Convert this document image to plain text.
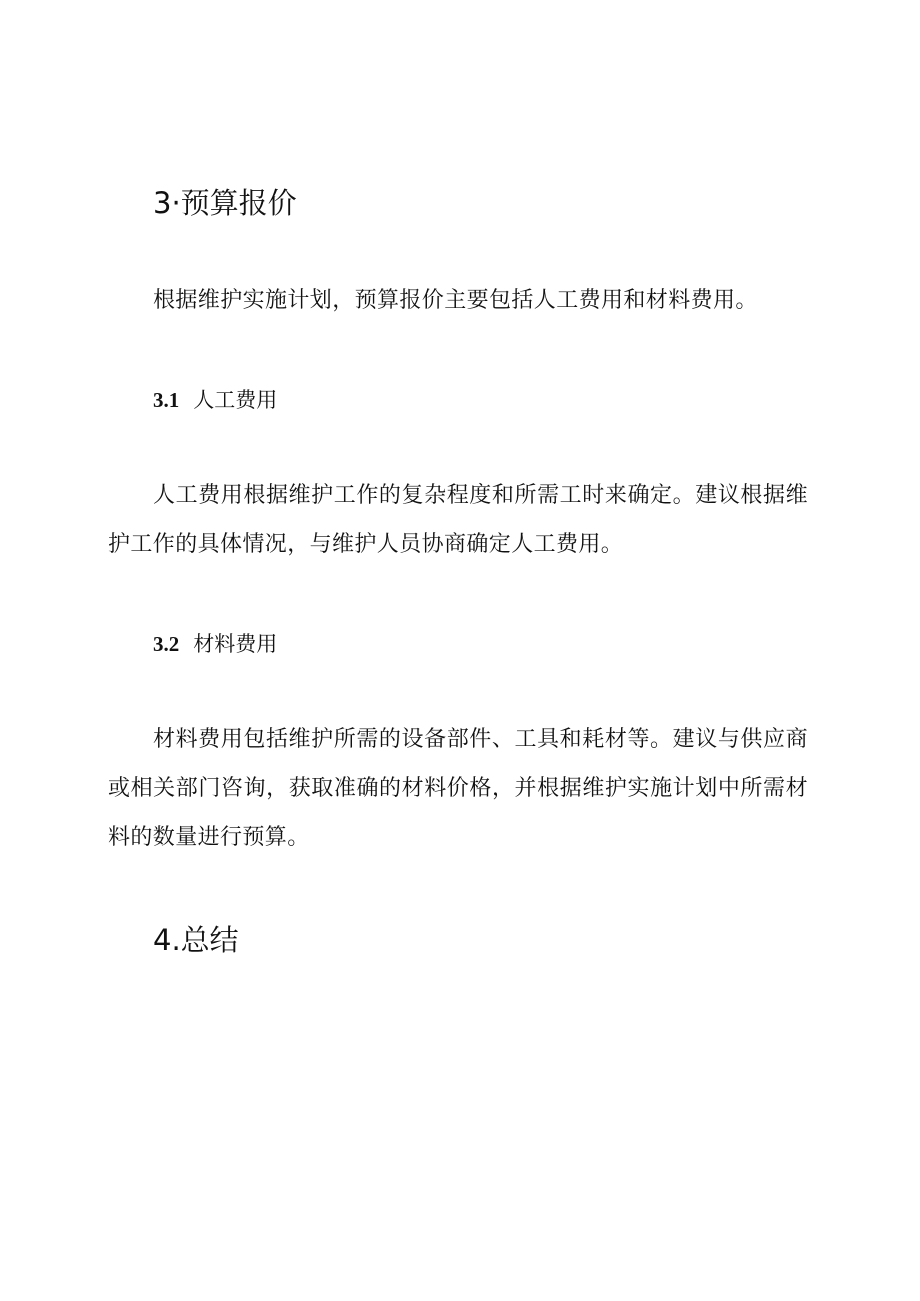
3·预算报价

根据维护实施计划，预算报价主要包括人工费用和材料费用。

3.1 人工费用

人工费用根据维护工作的复杂程度和所需工时来确定。建议根据维护工作的具体情况，与维护人员协商确定人工费用。

3.2 材料费用

材料费用包括维护所需的设备部件、工具和耗材等。建议与供应商或相关部门咨询，获取准确的材料价格，并根据维护实施计划中所需材料的数量进行预算。

4.总结
